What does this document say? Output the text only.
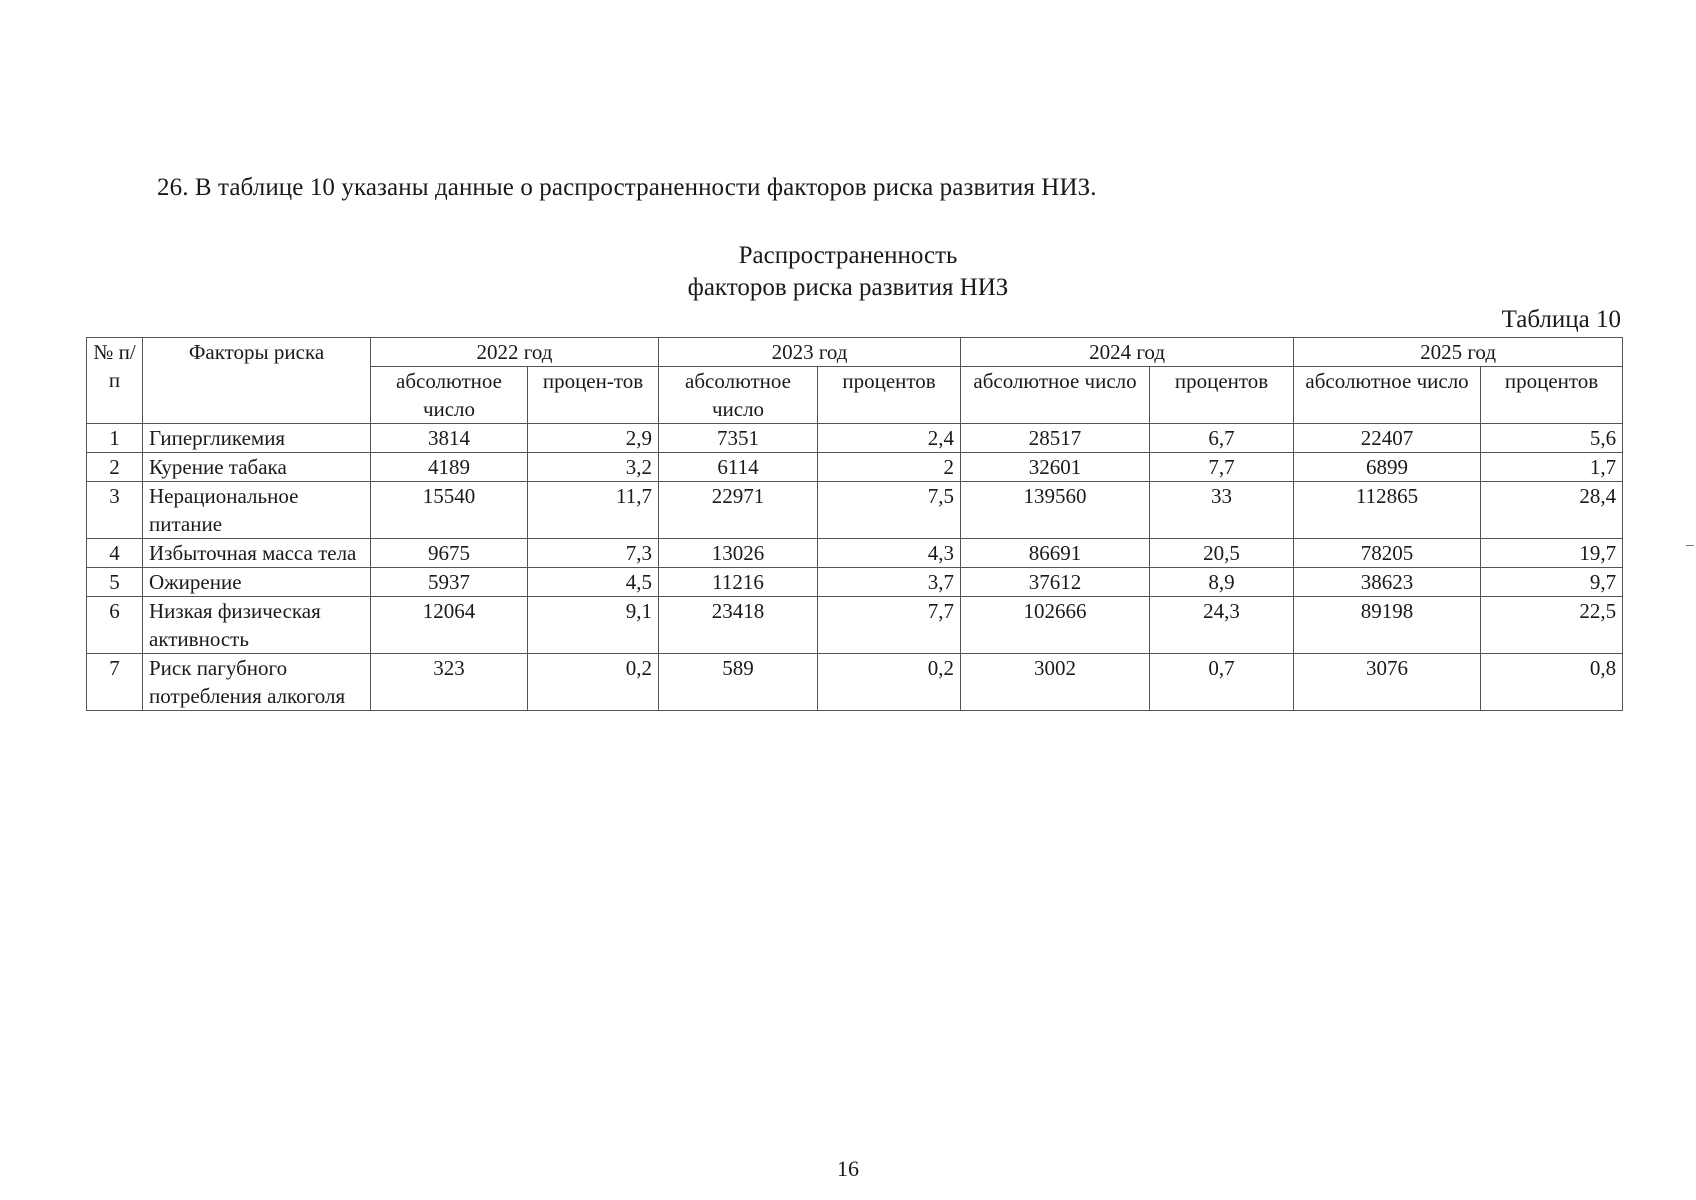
26. В таблице 10 указаны данные о распространенности факторов риска развития НИЗ.
Распространенность
факторов риска развития НИЗ
Таблица 10
№ п/п	Факторы риска	2022 год		2023 год		2024 год		2025 год	
		абсолютное число	процен-тов	абсолютное число	процентов	абсолютное число	процентов	абсолютное число	процентов
1	Гипергликемия	3814	2,9	7351	2,4	28517	6,7	22407	5,6
2	Курение табака	4189	3,2	6114	2	32601	7,7	6899	1,7
3	Нерациональное питание	15540	11,7	22971	7,5	139560	33	112865	28,4
4	Избыточная масса тела	9675	7,3	13026	4,3	86691	20,5	78205	19,7
5	Ожирение	5937	4,5	11216	3,7	37612	8,9	38623	9,7
6	Низкая физическая активность	12064	9,1	23418	7,7	102666	24,3	89198	22,5
7	Риск пагубного потребления алкоголя	323	0,2	589	0,2	3002	0,7	3076	0,8
16
